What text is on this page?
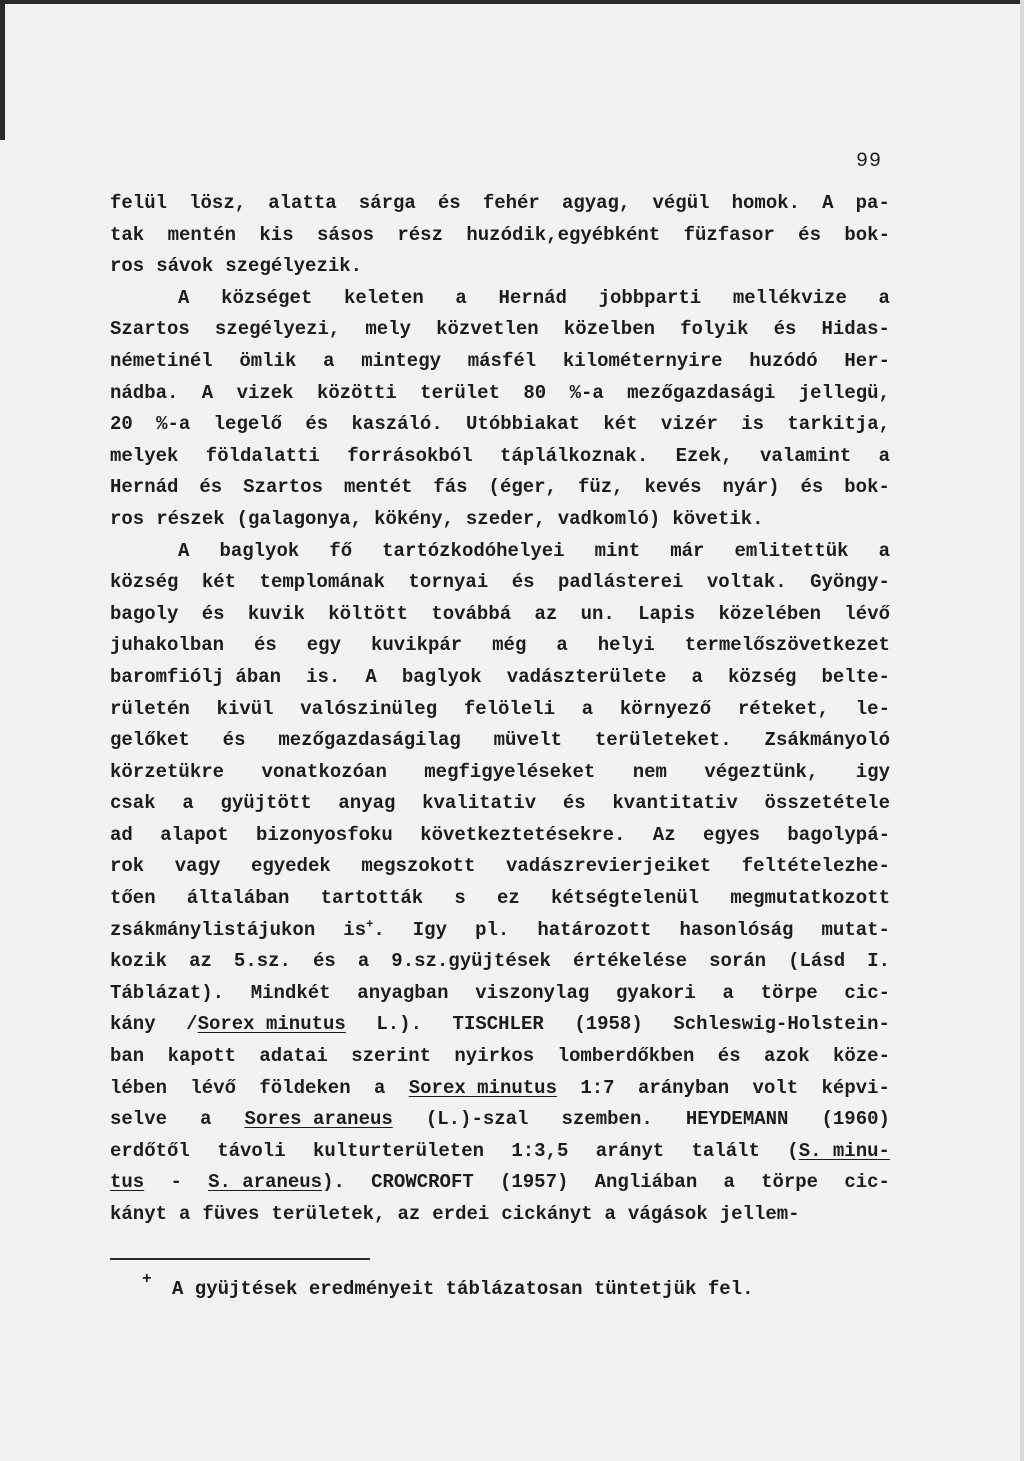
99
felül lösz, alatta sárga és fehér agyag, végül homok. A pa-
tak mentén kis sásos rész huzódik,egyébként füzfasor és bok-
ros sávok szegélyezik.
A községet keleten a Hernád jobbparti mellékvize a
Szartos szegélyezi, mely közvetlen közelben folyik és Hidas-
németinél ömlik a mintegy másfél kilométernyire huzódó Her-
nádba. A vizek közötti terület 80 %-a mezőgazdasági jellegü,
20 %-a legelő és kaszáló. Utóbbiakat két vizér is tarkitja,
melyek földalatti forrásokból táplálkoznak. Ezek, valamint a
Hernád és Szartos mentét fás (éger, füz, kevés nyár) és bok-
ros részek (galagonya, kökény, szeder, vadkomló) követik.
A baglyok fő tartózkodóhelyei mint már emlitettük a
község két templomának tornyai és padlásterei voltak. Gyöngy-
bagoly és kuvik költött továbbá az un. Lapis közelében lévő
juhakolban és egy kuvikpár még a helyi termelőszövetkezet
baromfiólj ában is. A baglyok vadászterülete a község belte-
rületén kivül valószinüleg felöleli a környező réteket, le-
gelőket és mezőgazdaságilag müvelt területeket. Zsákmányoló
körzetükre vonatkozóan megfigyeléseket nem végeztünk, igy
csak a gyüjtött anyag kvalitativ és kvantitativ összetétele
ad alapot bizonyosfoku következtetésekre. Az egyes bagolypá-
rok vagy egyedek megszokott vadászrevierjeiket feltételezhe-
tően általában tartották s ez kétségtelenül megmutatkozott
zsákmánylistájukon is+. Igy pl. határozott hasonlóság mutat-
kozik az 5.sz. és a 9.sz.gyüjtések értékelése során (Lásd I.
Táblázat). Mindkét anyagban viszonylag gyakori a törpe cic-
kány /Sorex minutus L.). TISCHLER (1958) Schleswig-Holstein-
ban kapott adatai szerint nyirkos lomberdőkben és azok köze-
lében lévő földeken a Sorex minutus 1:7 arányban volt képvi-
selve a Sores araneus (L.)-szal szemben. HEYDEMANN (1960)
erdőtől távoli kulturterületen 1:3,5 arányt talált (S. minu-
tus - S. araneus). CROWCROFT (1957) Angliában a törpe cic-
kányt a füves területek, az erdei cickányt a vágások jellem-
+ A gyüjtések eredményeit táblázatosan tüntetjük fel.
